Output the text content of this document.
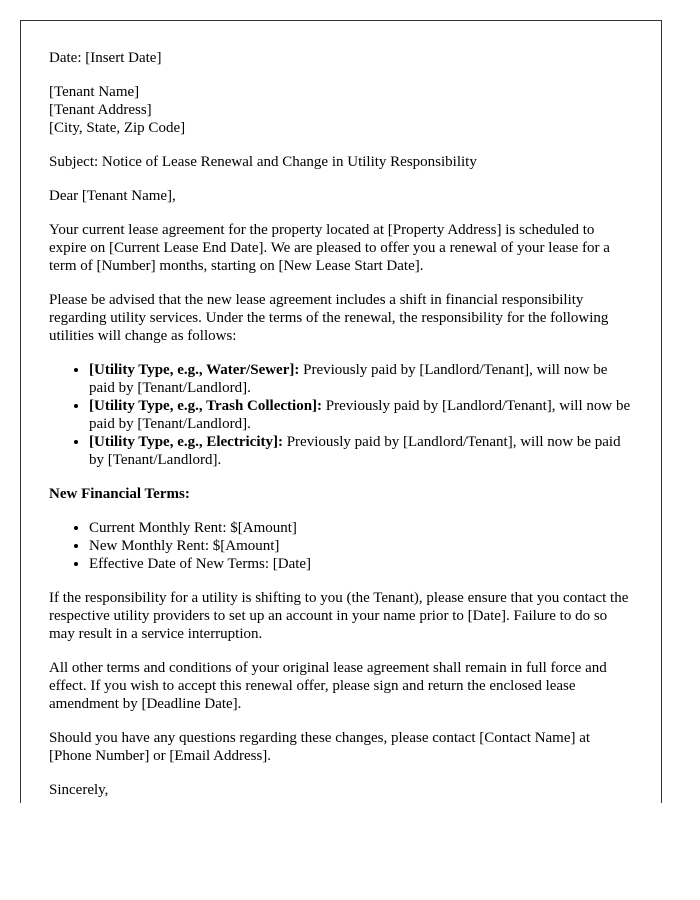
Date: [Insert Date]

[Tenant Name]
[Tenant Address]
[City, State, Zip Code]

Subject: Notice of Lease Renewal and Change in Utility Responsibility

Dear [Tenant Name],

Your current lease agreement for the property located at [Property Address] is scheduled to expire on [Current Lease End Date]. We are pleased to offer you a renewal of your lease for a term of [Number] months, starting on [New Lease Start Date].

Please be advised that the new lease agreement includes a shift in financial responsibility regarding utility services. Under the terms of the renewal, the responsibility for the following utilities will change as follows:

• [Utility Type, e.g., Water/Sewer]: Previously paid by [Landlord/Tenant], will now be paid by [Tenant/Landlord].
• [Utility Type, e.g., Trash Collection]: Previously paid by [Landlord/Tenant], will now be paid by [Tenant/Landlord].
• [Utility Type, e.g., Electricity]: Previously paid by [Landlord/Tenant], will now be paid by [Tenant/Landlord].

New Financial Terms:

• Current Monthly Rent: $[Amount]
• New Monthly Rent: $[Amount]
• Effective Date of New Terms: [Date]

If the responsibility for a utility is shifting to you (the Tenant), please ensure that you contact the respective utility providers to set up an account in your name prior to [Date]. Failure to do so may result in a service interruption.

All other terms and conditions of your original lease agreement shall remain in full force and effect. If you wish to accept this renewal offer, please sign and return the enclosed lease amendment by [Deadline Date].

Should you have any questions regarding these changes, please contact [Contact Name] at [Phone Number] or [Email Address].

Sincerely,
